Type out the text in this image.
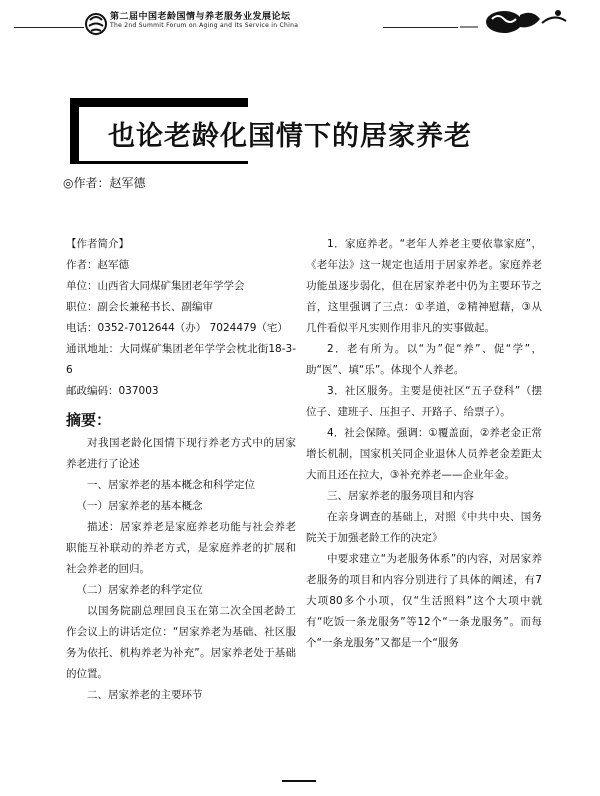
第二届中国老龄国情与养老服务业发展论坛
The 2nd Summit Forum on Aging and Its Service in China
也论老龄化国情下的居家养老
◎作者：赵军德

【作者简介】

作者：赵军德

单位：山西省大同煤矿集团老年学学会

职位：副会长兼秘书长、副编审

电话：0352-7012644（办） 7024479（宅）

通讯地址：大同煤矿集团老年学学会枕北街18-3-6

邮政编码：037003

摘要：

对我国老龄化国情下现行养老方式中的居家养老进行了论述

一、居家养老的基本概念和科学定位

（一）居家养老的基本概念

描述：居家养老是家庭养老功能与社会养老职能互补联动的养老方式，是家庭养老的扩展和社会养老的回归。

（二）居家养老的科学定位

以国务院副总理回良玉在第二次全国老龄工作会议上的讲话定位：“居家养老为基础、社区服务为依托、机构养老为补充”。居家养老处于基础的位置。

二、居家养老的主要环节

1．家庭养老。“老年人养老主要依靠家庭”，《老年法》这一规定也适用于居家养老。家庭养老功能虽逐步弱化，但在居家养老中仍为主要环节之首，这里强调了三点：①孝道，②精神慰藉，③从几件看似平凡实则作用非凡的实事做起。

2．老有所为。以“为”促“养”、促“学”，助“医”、填“乐”。体现个人养老。

3．社区服务。主要是使社区“五子登科”（摆位子、建班子、压担子、开路子、给票子）。

4．社会保障。强调：①覆盖面，②养老金正常增长机制，国家机关同企业退休人员养老金差距太大而且还在拉大，③补充养老——企业年金。

三、居家养老的服务项目和内容

在亲身调查的基础上，对照《中共中央、国务院关于加强老龄工作的决定》

中要求建立“为老服务体系”的内容，对居家养老服务的项目和内容分别进行了具体的阐述，有7大项80多个小项，仅“生活照料”这个大项中就有“吃饭一条龙服务”等12个“一条龙服务”。而每个“一条龙服务”又都是一个“服务
